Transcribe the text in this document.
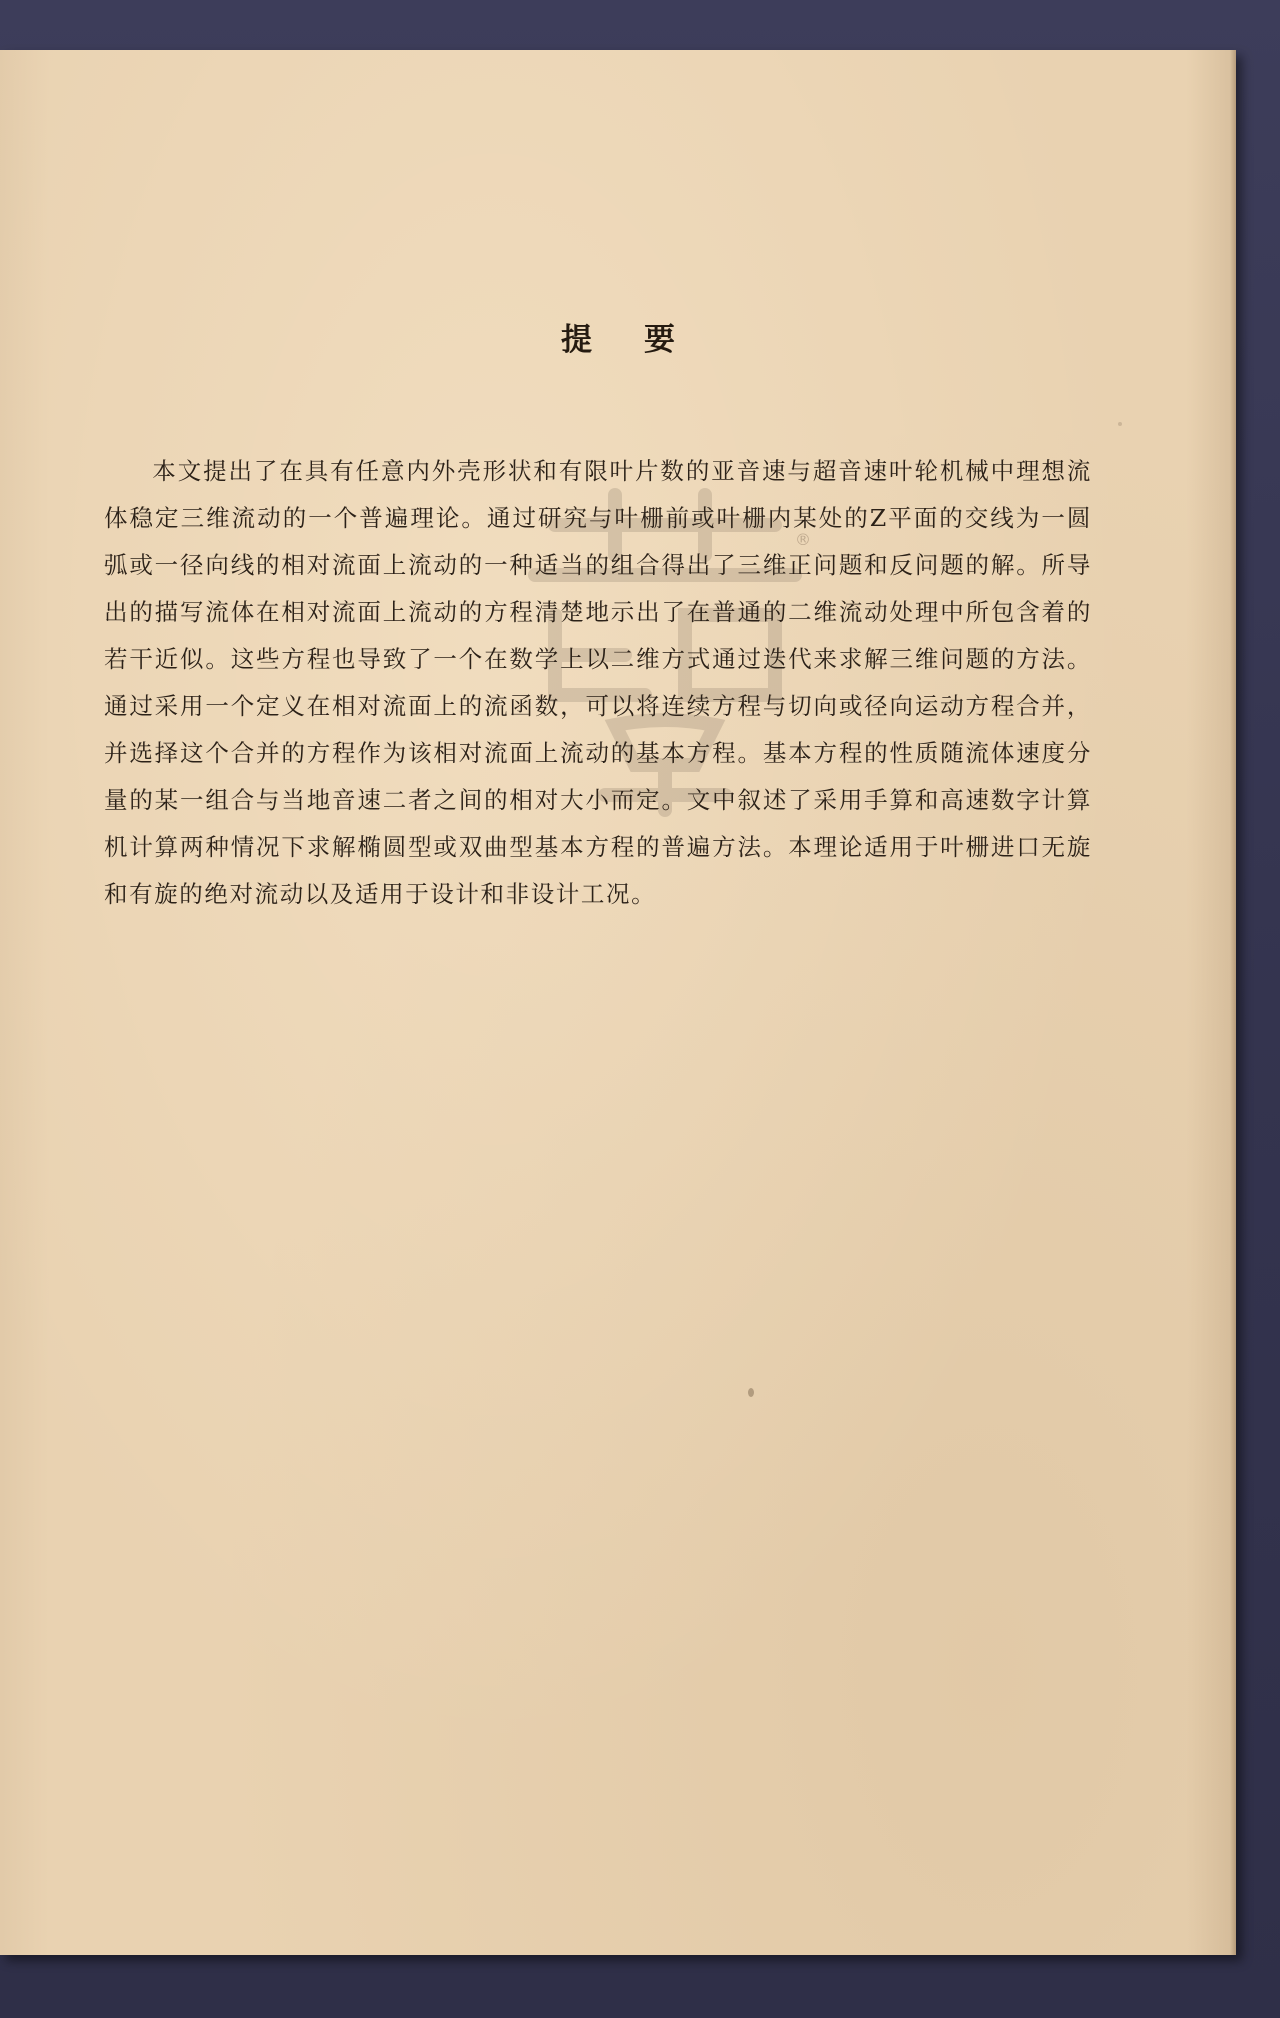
®
提要
本文提出了在具有任意内外壳形状和有限叶片数的亚音速与超音速叶轮机械中理想流体稳定三维流动的一个普遍理论。通过研究与叶栅前或叶栅内某处的Z平面的交线为一圆弧或一径向线的相对流面上流动的一种适当的组合得出了三维正问题和反问题的解。所导出的描写流体在相对流面上流动的方程清楚地示出了在普通的二维流动处理中所包含着的若干近似。这些方程也导致了一个在数学上以二维方式通过迭代来求解三维问题的方法。通过采用一个定义在相对流面上的流函数，可以将连续方程与切向或径向运动方程合并，并选择这个合并的方程作为该相对流面上流动的基本方程。基本方程的性质随流体速度分量的某一组合与当地音速二者之间的相对大小而定。文中叙述了采用手算和高速数字计算机计算两种情况下求解椭圆型或双曲型基本方程的普遍方法。本理论适用于叶栅进口无旋和有旋的绝对流动以及适用于设计和非设计工况。
